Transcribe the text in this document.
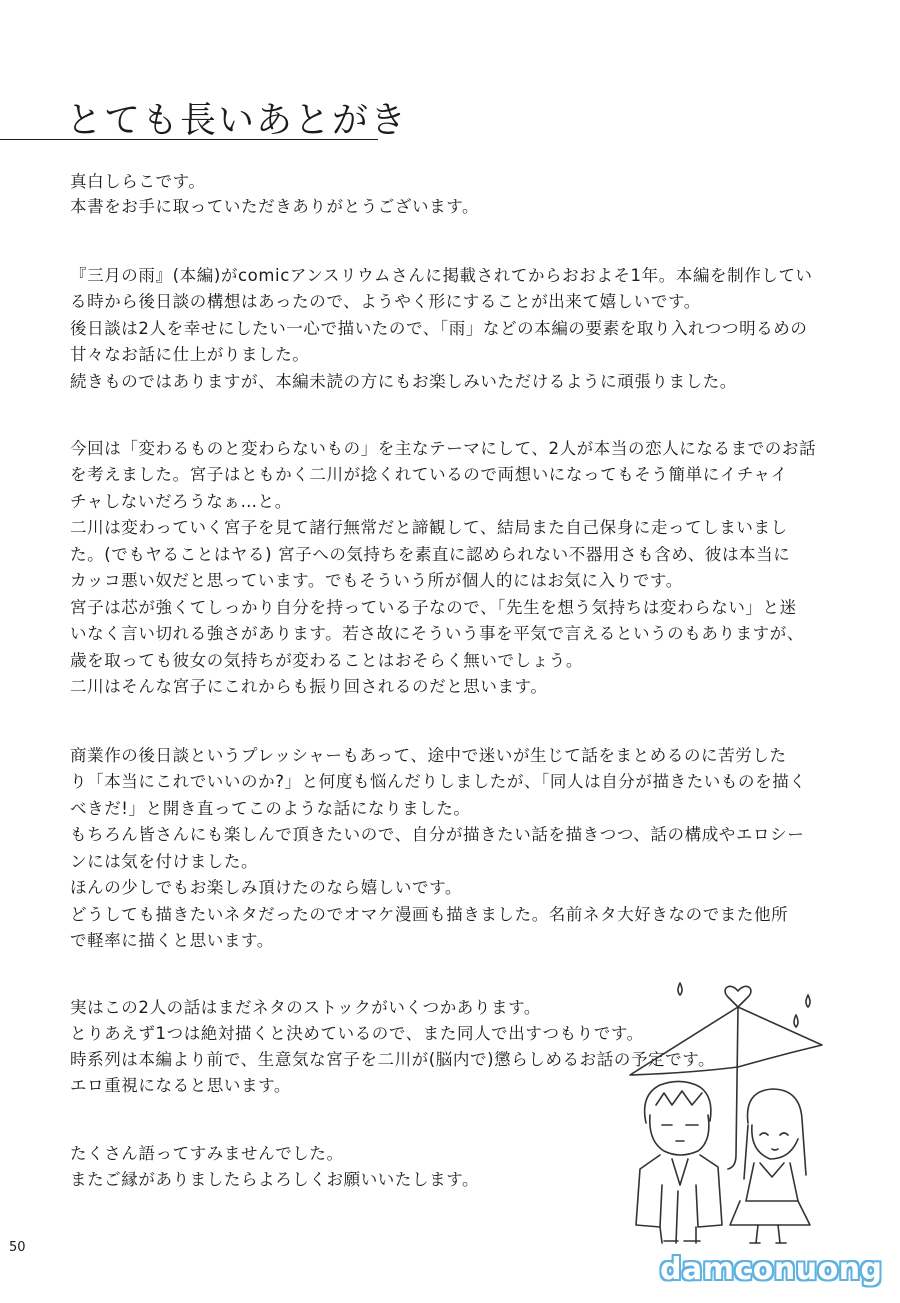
とても長いあとがき
真白しらこです。
本書をお手に取っていただきありがとうございます。
『三月の雨』(本編)がcomicアンスリウムさんに掲載されてからおおよそ1年。本編を制作してい
る時から後日談の構想はあったので、ようやく形にすることが出来て嬉しいです。
後日談は2人を幸せにしたい一心で描いたので、「雨」などの本編の要素を取り入れつつ明るめの
甘々なお話に仕上がりました。
続きものではありますが、本編未読の方にもお楽しみいただけるように頑張りました。
今回は「変わるものと変わらないもの」を主なテーマにして、2人が本当の恋人になるまでのお話
を考えました。宮子はともかく二川が捻くれているので両想いになってもそう簡単にイチャイ
チャしないだろうなぁ…と。
二川は変わっていく宮子を見て諸行無常だと諦観して、結局また自己保身に走ってしまいまし
た。(でもヤることはヤる) 宮子への気持ちを素直に認められない不器用さも含め、彼は本当に
カッコ悪い奴だと思っています。でもそういう所が個人的にはお気に入りです。
宮子は芯が強くてしっかり自分を持っている子なので、「先生を想う気持ちは変わらない」と迷
いなく言い切れる強さがあります。若さ故にそういう事を平気で言えるというのもありますが、
歳を取っても彼女の気持ちが変わることはおそらく無いでしょう。
二川はそんな宮子にこれからも振り回されるのだと思います。
商業作の後日談というプレッシャーもあって、途中で迷いが生じて話をまとめるのに苦労した
り「本当にこれでいいのか?」と何度も悩んだりしましたが、「同人は自分が描きたいものを描く
べきだ!」と開き直ってこのような話になりました。
もちろん皆さんにも楽しんで頂きたいので、自分が描きたい話を描きつつ、話の構成やエロシー
ンには気を付けました。
ほんの少しでもお楽しみ頂けたのなら嬉しいです。
どうしても描きたいネタだったのでオマケ漫画も描きました。名前ネタ大好きなのでまた他所
で軽率に描くと思います。
実はこの2人の話はまだネタのストックがいくつかあります。
とりあえず1つは絶対描くと決めているので、また同人で出すつもりです。
時系列は本編より前で、生意気な宮子を二川が(脳内で)懲らしめるお話の予定です。
エロ重視になると思います。
たくさん語ってすみませんでした。
またご縁がありましたらよろしくお願いいたします。
50
damconuong
